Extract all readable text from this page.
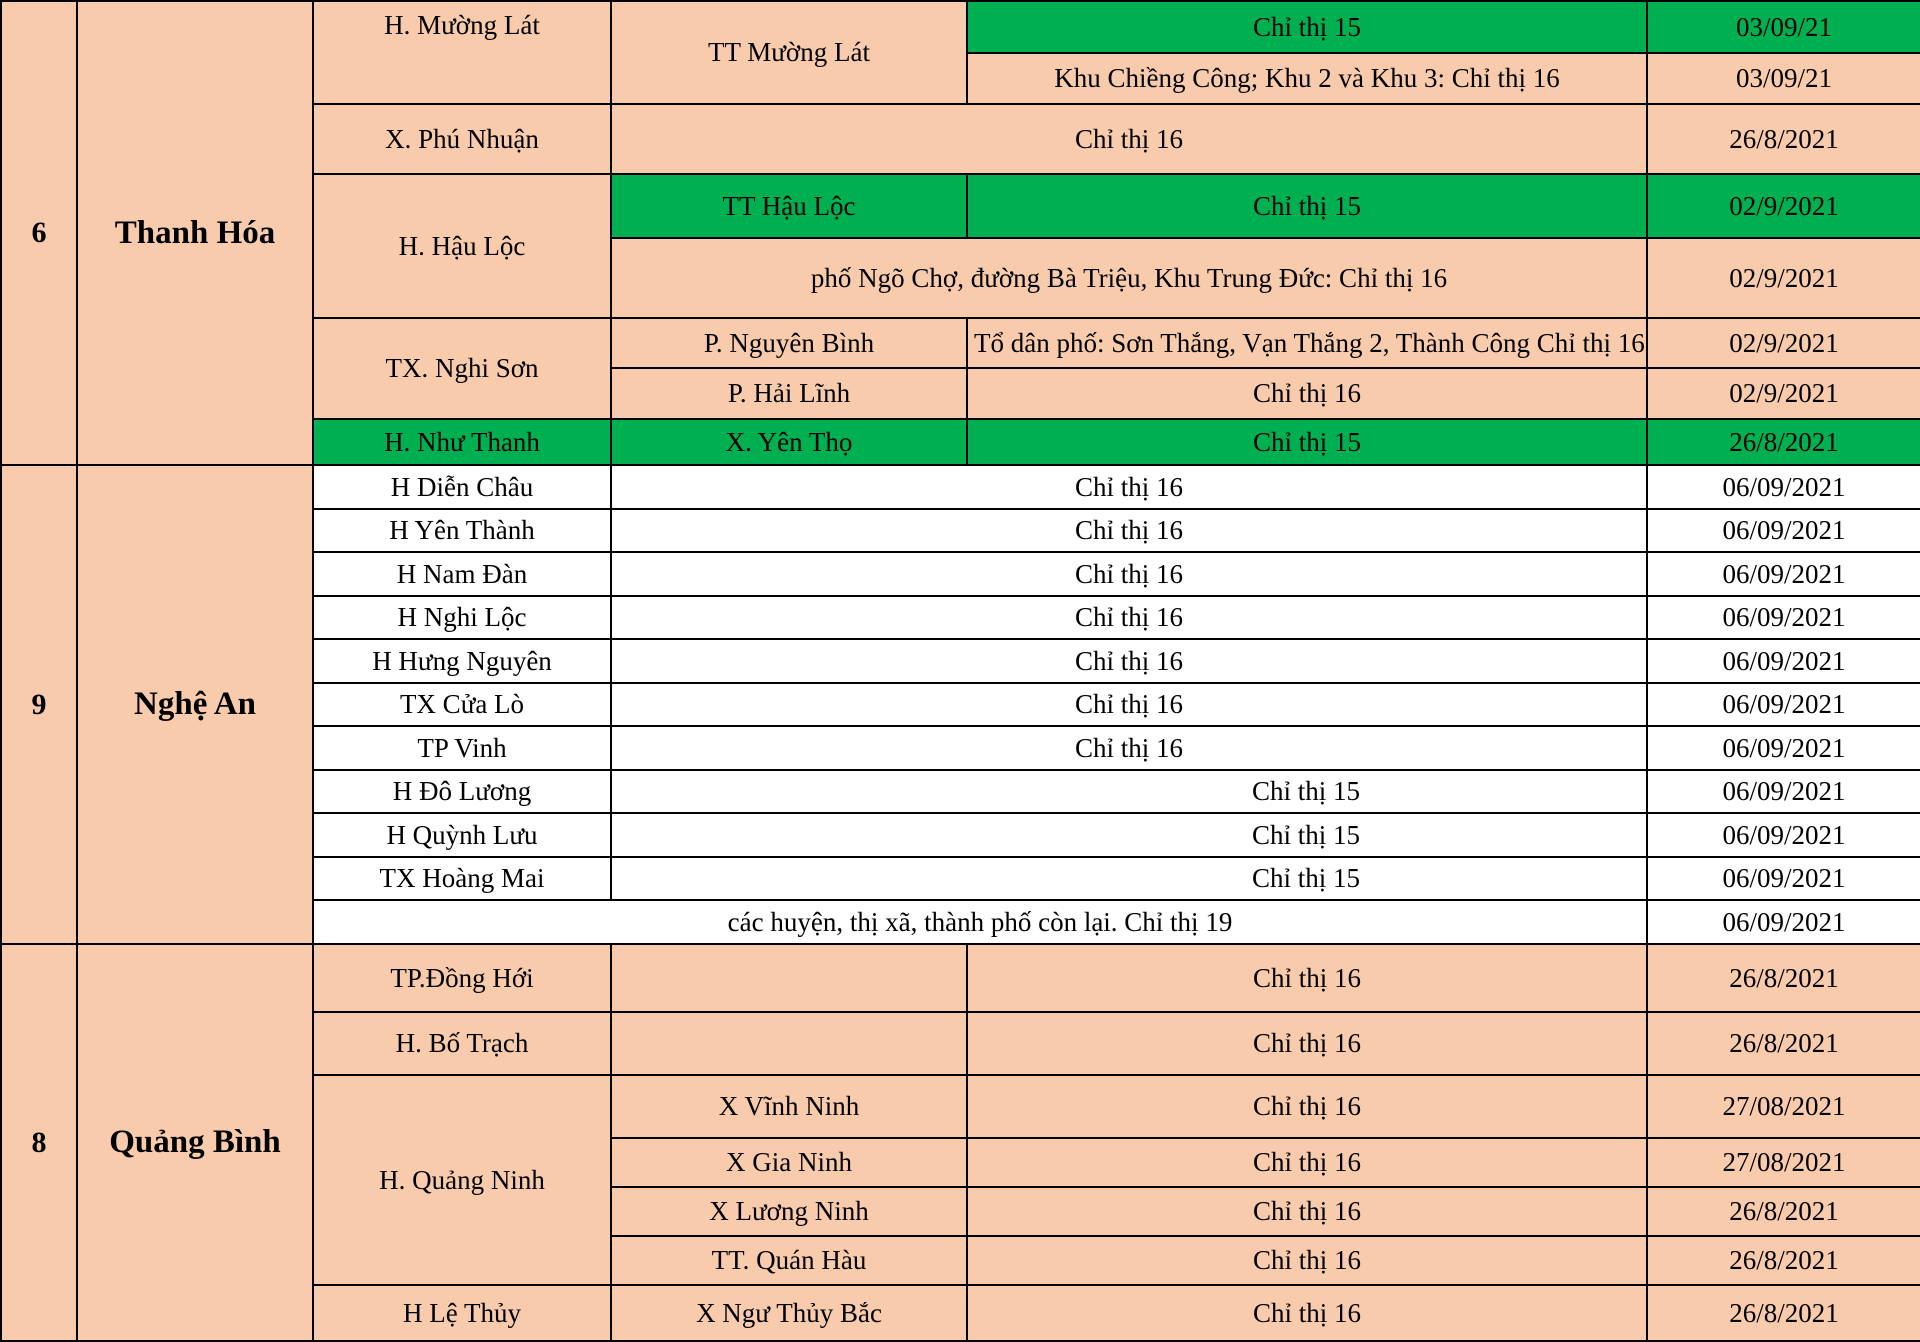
6	Thanh Hóa	H. Mường Lát	TT Mường Lát	Chỉ thị 15	03/09/21
				Khu Chiềng Công; Khu 2 và Khu 3: Chỉ thị 16	03/09/21
		X. Phú Nhuận	Chỉ thị 16		26/8/2021
		H. Hậu Lộc	TT Hậu Lộc	Chỉ thị 15	02/9/2021
			phố Ngõ Chợ, đường Bà Triệu, Khu Trung Đức: Chỉ thị 16		02/9/2021
		TX. Nghi Sơn	P. Nguyên Bình	Tổ dân phố: Sơn Thắng, Vạn Thắng 2, Thành Công Chỉ thị 16	02/9/2021
			P. Hải Lĩnh	Chỉ thị 16	02/9/2021
		H. Như Thanh	X. Yên Thọ	Chỉ thị 15	26/8/2021

9	Nghệ An	H Diễn Châu	Chỉ thị 16		06/09/2021
		H Yên Thành	Chỉ thị 16		06/09/2021
		H Nam Đàn	Chỉ thị 16		06/09/2021
		H Nghi Lộc	Chỉ thị 16		06/09/2021
		H Hưng Nguyên	Chỉ thị 16		06/09/2021
		TX Cửa Lò	Chỉ thị 16		06/09/2021
		TP Vinh	Chỉ thị 16		06/09/2021
		H Đô Lương	Chỉ thị 15		06/09/2021
		H Quỳnh Lưu	Chỉ thị 15		06/09/2021
		TX Hoàng Mai	Chỉ thị 15		06/09/2021
		các huyện, thị xã, thành phố còn lại. Chỉ thị 19			06/09/2021
8	Quảng Bình	TP.Đồng Hới		Chỉ thị 16	26/8/2021
		H. Bố Trạch		Chỉ thị 16	26/8/2021
		H. Quảng Ninh	X Vĩnh Ninh	Chỉ thị 16	27/08/2021
			X Gia Ninh	Chỉ thị 16	27/08/2021
			X Lương Ninh	Chỉ thị 16	26/8/2021
			TT. Quán Hàu	Chỉ thị 16	26/8/2021
		H Lệ Thủy	X Ngư Thủy Bắc	Chỉ thị 16	26/8/2021
